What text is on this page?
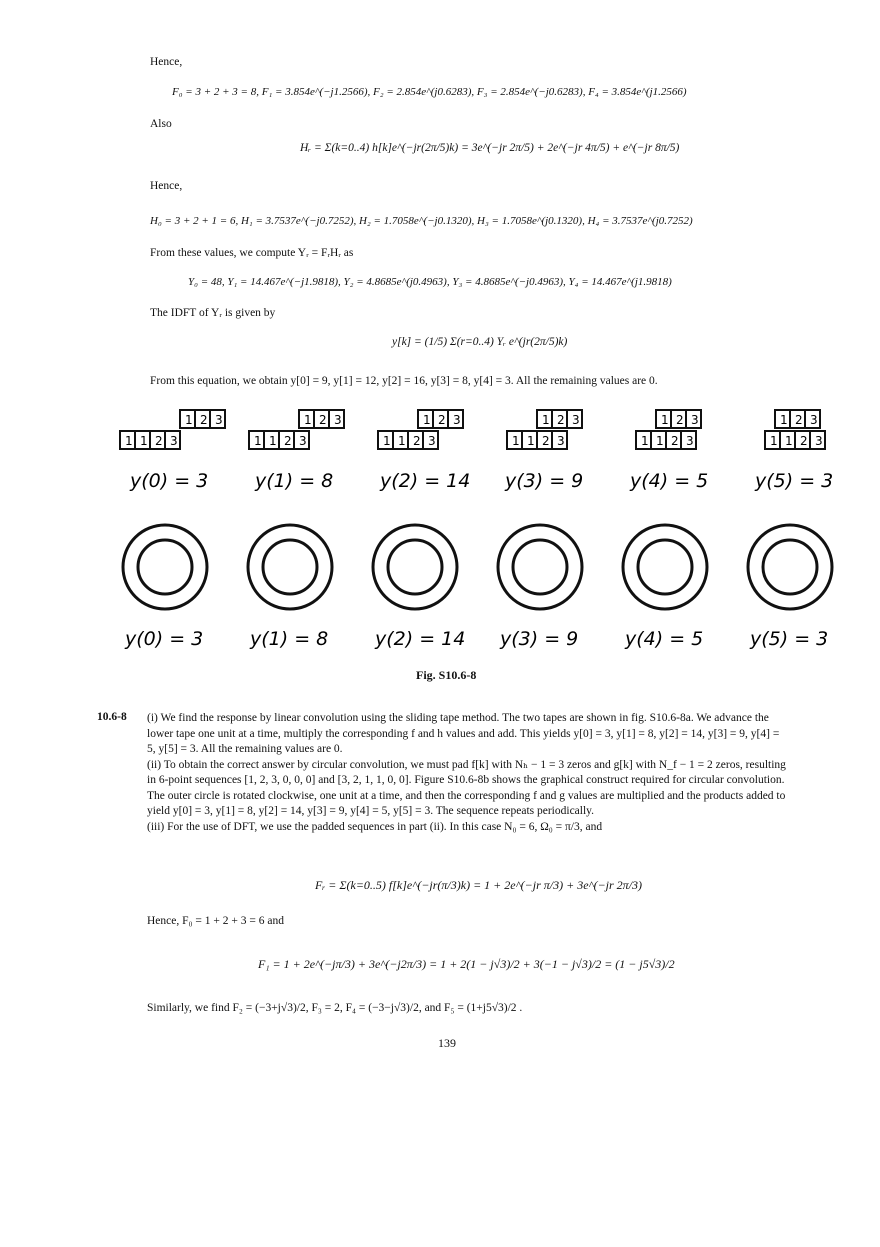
Hence,
F₀ = 3 + 2 + 3 = 8, F₁ = 3.854e^(−j1.2566), F₂ = 2.854e^(j0.6283), F₃ = 2.854e^(−j0.6283), F₄ = 3.854e^(j1.2566)
Also
Hᵣ = Σ(k=0..4) h[k]e^(−jr(2π/5)k) = 3e^(−jr 2π/5) + 2e^(−jr 4π/5) + e^(−jr 8π/5)
Hence,
H₀ = 3 + 2 + 1 = 6, H₁ = 3.7537e^(−j0.7252), H₂ = 1.7058e^(−j0.1320), H₃ = 1.7058e^(j0.1320), H₄ = 3.7537e^(j0.7252)
From these values, we compute Yᵣ = FᵣHᵣ as
Y₀ = 48, Y₁ = 14.467e^(−j1.9818), Y₂ = 4.8685e^(j0.4963), Y₃ = 4.8685e^(−j0.4963), Y₄ = 14.467e^(j1.9818)
The IDFT of Yᵣ is given by
y[k] = (1/5) Σ(r=0..4) Yᵣ e^(jr(2π/5)k)
From this equation, we obtain y[0] = 9, y[1] = 12, y[2] = 16, y[3] = 8, y[4] = 3. All the remaining values are 0.
1 2 3
1 1 2 3
y(0) = 3
1 2 3
1 1 2 3
y(1) = 8
1 2 3
1 1 2 3
y(2) = 14
1 2 3
1 1 2 3
y(3) = 9
1 2 3
1 1 2 3
y(4) = 5
1 2 3
1 1 2 3
y(5) = 3
y(0) = 3 y(1) = 8 y(2) = 14 y(3) = 9 y(4) = 5 y(5) = 3
Fig. S10.6-8
10.6-8 (i) We find the response by linear convolution using the sliding tape method. The two tapes are shown in fig. S10.6-8a. We advance the lower tape one unit at a time, multiply the corresponding f and h values and add. This yields y[0] = 3, y[1] = 8, y[2] = 14, y[3] = 9, y[4] = 5, y[5] = 3. All the remaining values are 0.
(ii) To obtain the correct answer by circular convolution, we must pad f[k] with Nₕ − 1 = 3 zeros and g[k] with N_f − 1 = 2 zeros, resulting in 6-point sequences [1, 2, 3, 0, 0, 0] and [3, 2, 1, 1, 0, 0]. Figure S10.6-8b shows the graphical construct required for circular convolution. The outer circle is rotated clockwise, one unit at a time, and then the corresponding f and g values are multiplied and the products added to yield y[0] = 3, y[1] = 8, y[2] = 14, y[3] = 9, y[4] = 5, y[5] = 3. The sequence repeats periodically.
(iii) For the use of DFT, we use the padded sequences in part (ii). In this case N₀ = 6, Ω₀ = π/3, and
Fᵣ = Σ(k=0..5) f[k]e^(−jr(π/3)k) = 1 + 2e^(−jr π/3) + 3e^(−jr 2π/3)
Hence, F₀ = 1 + 2 + 3 = 6 and
F₁ = 1 + 2e^(−jπ/3) + 3e^(−j2π/3) = 1 + 2(1 − j√3)/2 + 3(−1 − j√3)/2 = (1 − j5√3)/2
Similarly, we find F₂ = (−3+j√3)/2, F₃ = 2, F₄ = (−3−j√3)/2, and F₅ = (1+j5√3)/2 .
139
